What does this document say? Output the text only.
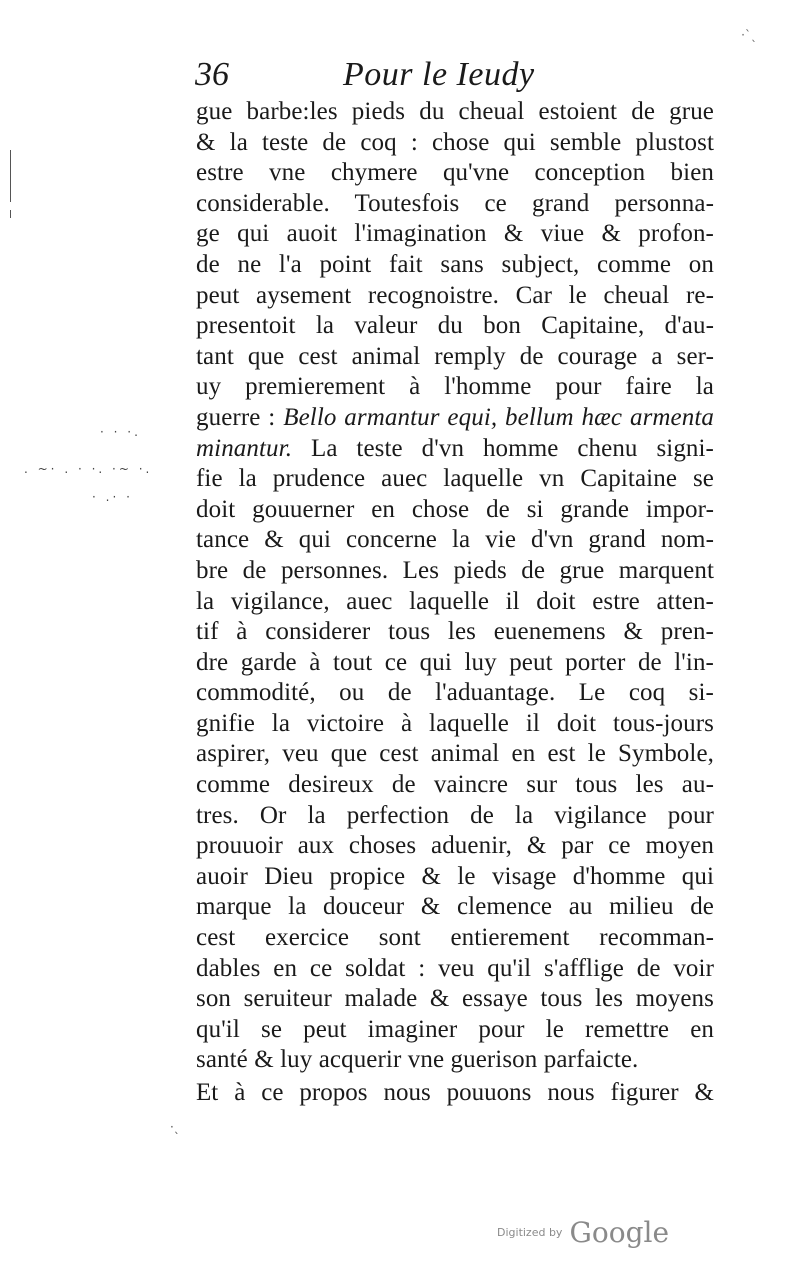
·`ˎ
· · ·.
. ~· . · ·. ·~ ·.
· .· ·
36	Pour le Ieudy
gue barbe:les pieds du cheual estoient de grue
& la teste de coq : chose qui semble plustost
estre vne chymere qu'vne conception bien
considerable. Toutesfois ce grand personna-
ge qui auoit l'imagination & viue & profon-
de ne l'a point fait sans subject, comme on
peut aysement recognoistre. Car le cheual re-
presentoit la valeur du bon Capitaine, d'au-
tant que cest animal remply de courage a ser-
uy premierement à l'homme pour faire la
guerre : Bello armantur equi, bellum hæc armenta
minantur. La teste d'vn homme chenu signi-
fie la prudence auec laquelle vn Capitaine se
doit gouuerner en chose de si grande impor-
tance & qui concerne la vie d'vn grand nom-
bre de personnes. Les pieds de grue marquent
la vigilance, auec laquelle il doit estre atten-
tif à considerer tous les euenemens & pren-
dre garde à tout ce qui luy peut porter de l'in-
commodité, ou de l'aduantage. Le coq si-
gnifie la victoire à laquelle il doit tous-jours
aspirer, veu que cest animal en est le Symbole,
comme desireux de vaincre sur tous les au-
tres. Or la perfection de la vigilance pour
prouuoir aux choses aduenir, & par ce moyen
auoir Dieu propice & le visage d'homme qui
marque la douceur & clemence au milieu de
cest exercice sont entierement recomman-
dables en ce soldat : veu qu'il s'afflige de voir
son seruiteur malade & essaye tous les moyens
qu'il se peut imaginer pour le remettre en
santé & luy acquerir vne guerison parfaicte.
Et à ce propos nous pouuons nous figurer &
·ˎ
Digitized by Google
